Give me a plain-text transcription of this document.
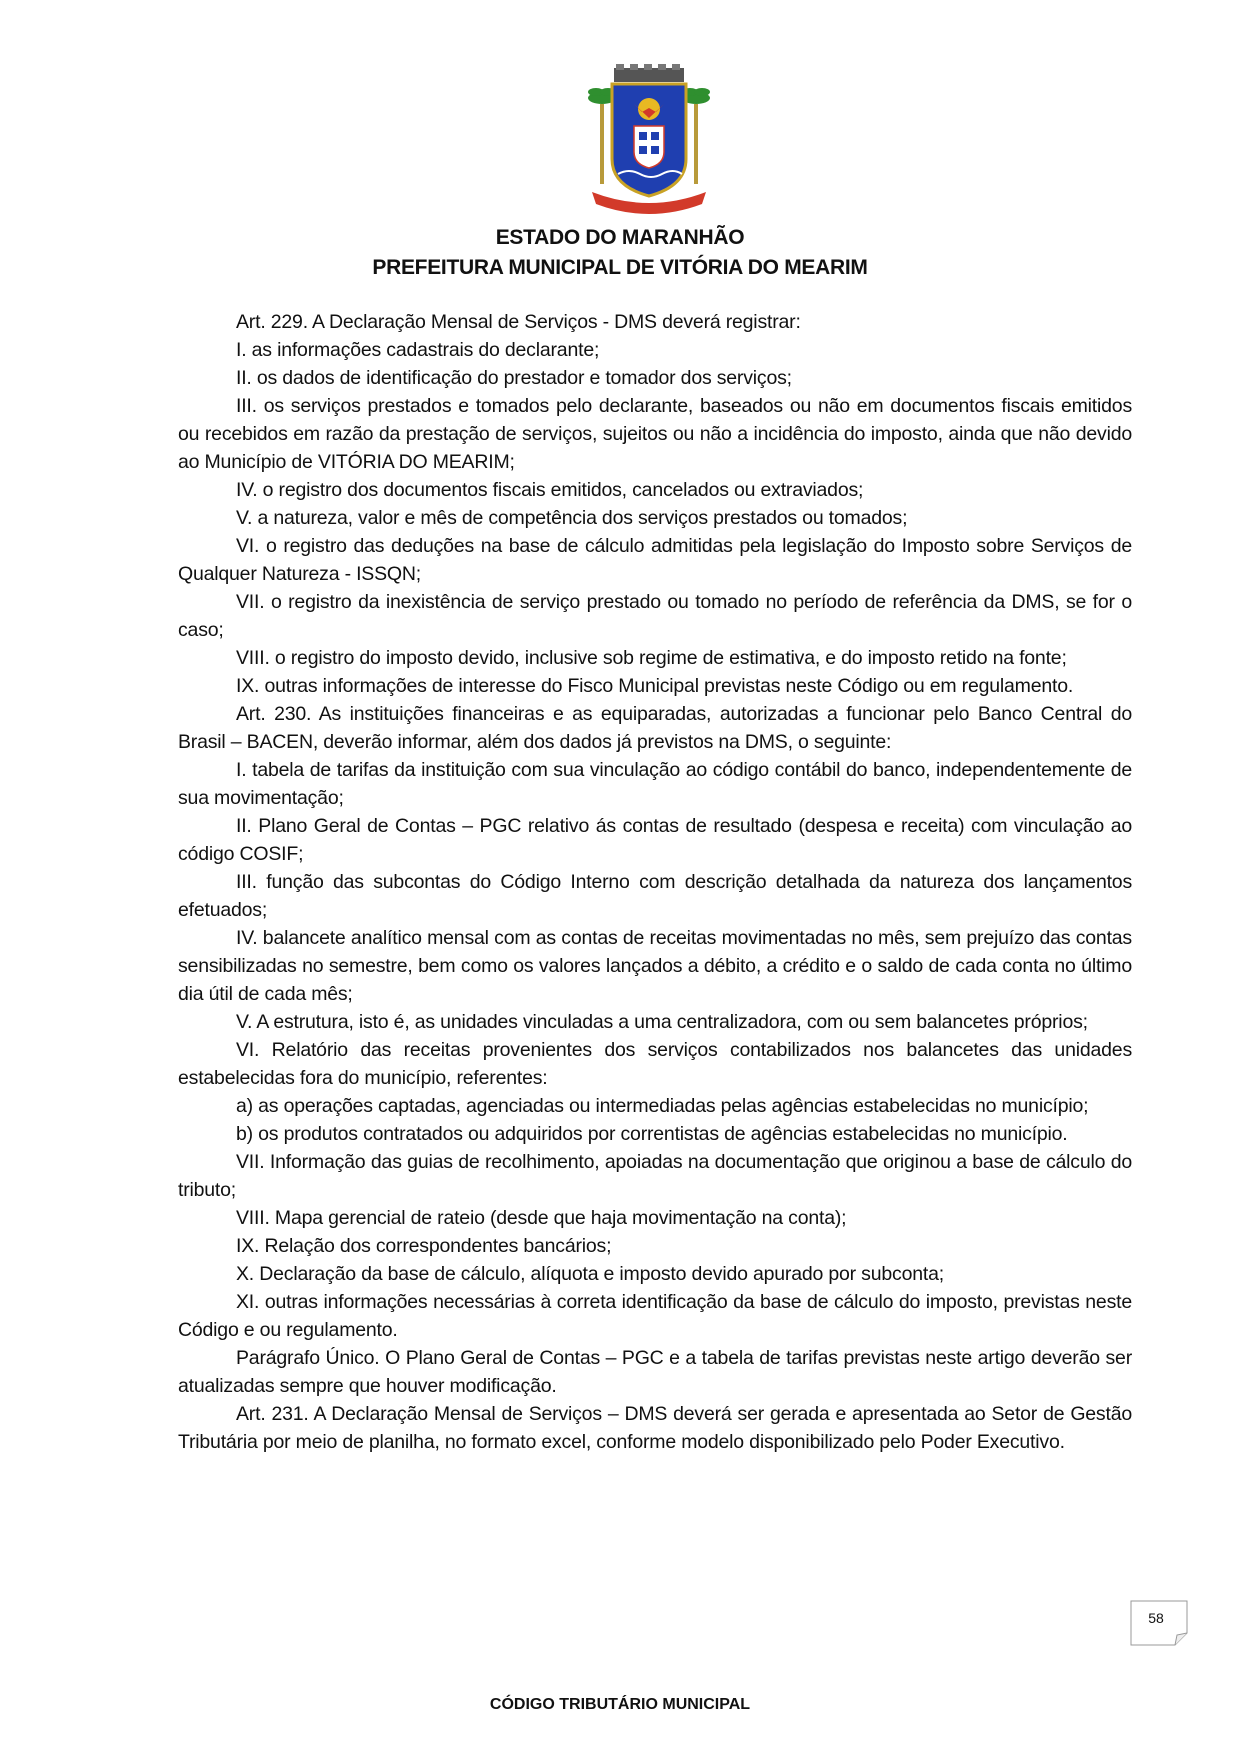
ESTADO DO MARANHÃO
PREFEITURA MUNICIPAL DE VITÓRIA DO MEARIM

Art. 229. A Declaração Mensal de Serviços - DMS deverá registrar:

I. as informações cadastrais do declarante;

II. os dados de identificação do prestador e tomador dos serviços;

III. os serviços prestados e tomados pelo declarante, baseados ou não em documentos fiscais emitidos ou recebidos em razão da prestação de serviços, sujeitos ou não a incidência do imposto, ainda que não devido ao Município de VITÓRIA DO MEARIM;

IV. o registro dos documentos fiscais emitidos, cancelados ou extraviados;

V. a natureza, valor e mês de competência dos serviços prestados ou tomados;

VI. o registro das deduções na base de cálculo admitidas pela legislação do Imposto sobre Serviços de Qualquer Natureza - ISSQN;

VII. o registro da inexistência de serviço prestado ou tomado no período de referência da DMS, se for o caso;

VIII. o registro do imposto devido, inclusive sob regime de estimativa, e do imposto retido na fonte;

IX. outras informações de interesse do Fisco Municipal previstas neste Código ou em regulamento.

Art. 230. As instituições financeiras e as equiparadas, autorizadas a funcionar pelo Banco Central do Brasil – BACEN, deverão informar, além dos dados já previstos na DMS, o seguinte:

I. tabela de tarifas da instituição com sua vinculação ao código contábil do banco, independentemente de sua movimentação;

II. Plano Geral de Contas – PGC relativo ás contas de resultado (despesa e receita) com vinculação ao código COSIF;

III. função das subcontas do Código Interno com descrição detalhada da natureza dos lançamentos efetuados;

IV. balancete analítico mensal com as contas de receitas movimentadas no mês, sem prejuízo das contas sensibilizadas no semestre, bem como os valores lançados a débito, a crédito e o saldo de cada conta no último dia útil de cada mês;

V. A estrutura, isto é, as unidades vinculadas a uma centralizadora, com ou sem balancetes próprios;

VI. Relatório das receitas provenientes dos serviços contabilizados nos balancetes das unidades estabelecidas fora do município, referentes:

a) as operações captadas, agenciadas ou intermediadas pelas agências estabelecidas no município;

b) os produtos contratados ou adquiridos por correntistas de agências estabelecidas no município.

VII. Informação das guias de recolhimento, apoiadas na documentação que originou a base de cálculo do tributo;

VIII. Mapa gerencial de rateio (desde que haja movimentação na conta);

IX. Relação dos correspondentes bancários;

X. Declaração da base de cálculo, alíquota e imposto devido apurado por subconta;

XI. outras informações necessárias à correta identificação da base de cálculo do imposto, previstas neste Código e ou regulamento.

Parágrafo Único. O Plano Geral de Contas – PGC e a tabela de tarifas previstas neste artigo deverão ser atualizadas sempre que houver modificação.

Art. 231. A Declaração Mensal de Serviços – DMS deverá ser gerada e apresentada ao Setor de Gestão Tributária por meio de planilha, no formato excel, conforme modelo disponibilizado pelo Poder Executivo.

58
CÓDIGO TRIBUTÁRIO MUNICIPAL
